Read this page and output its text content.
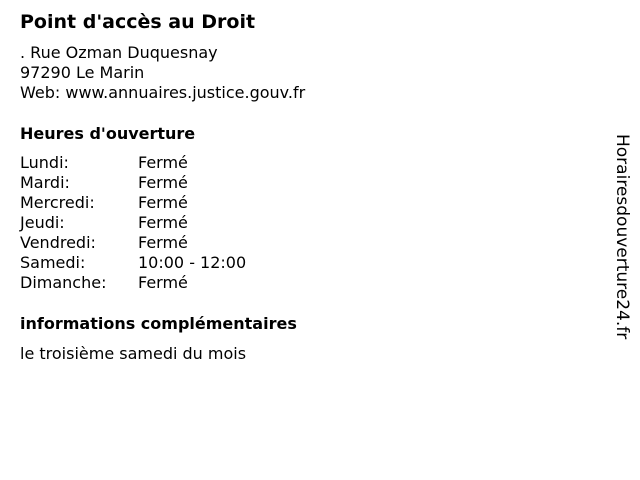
Point d'accès au Droit
. Rue Ozman Duquesnay
97290 Le Marin
Web: www.annuaires.justice.gouv.fr
Heures d'ouverture
Lundi:	Fermé
Mardi:	Fermé
Mercredi:	Fermé
Jeudi:	Fermé
Vendredi:	Fermé
Samedi:	10:00 - 12:00
Dimanche: Fermé
informations complémentaires
le troisième samedi du mois
Horairesdouverture24.fr
